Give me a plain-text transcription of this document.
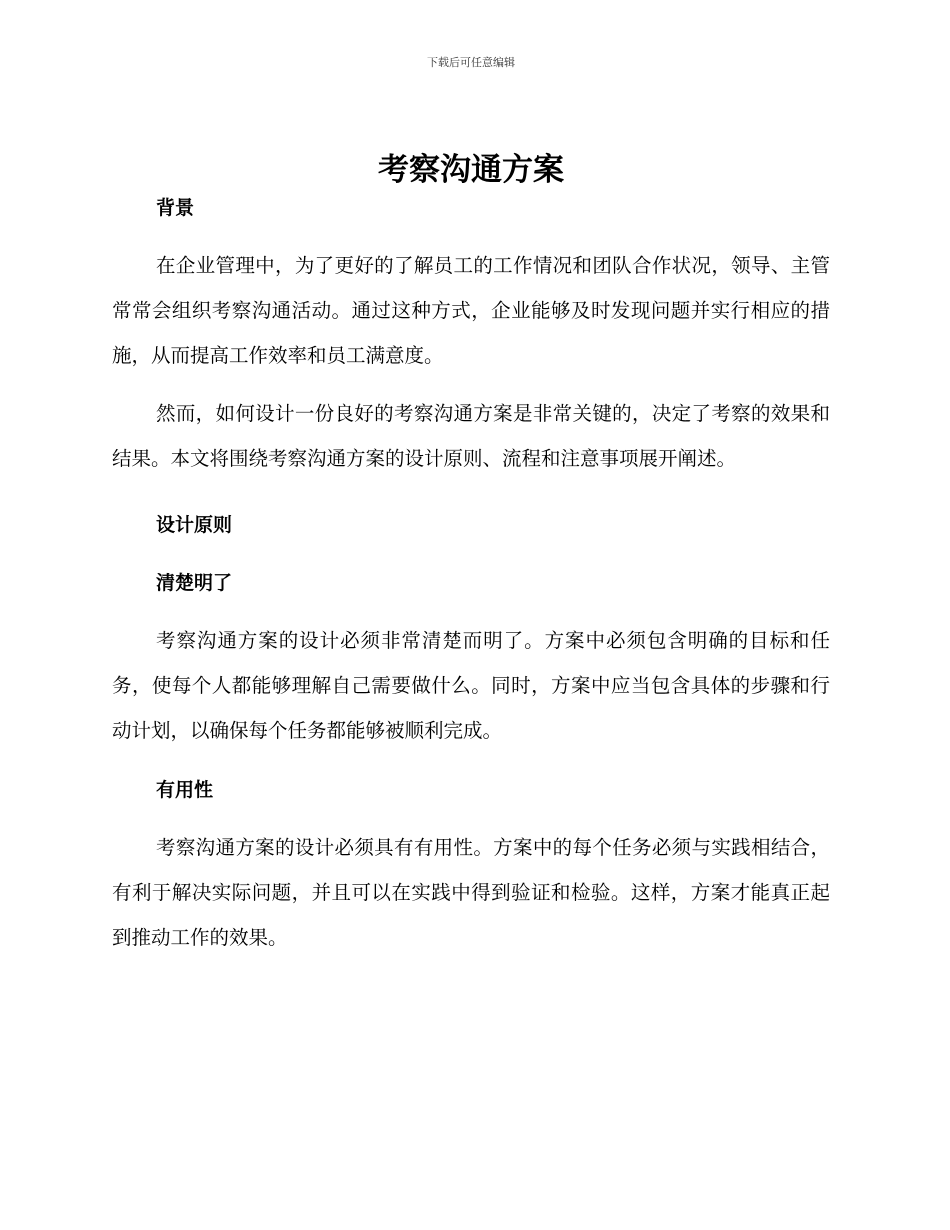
下载后可任意编辑

考察沟通方案
背景

在企业管理中，为了更好的了解员工的工作情况和团队合作状况，领导、主管常常会组织考察沟通活动。通过这种方式，企业能够及时发现问题并实行相应的措施，从而提高工作效率和员工满意度。

然而，如何设计一份良好的考察沟通方案是非常关键的，决定了考察的效果和结果。本文将围绕考察沟通方案的设计原则、流程和注意事项展开阐述。

设计原则
清楚明了

考察沟通方案的设计必须非常清楚而明了。方案中必须包含明确的目标和任务，使每个人都能够理解自己需要做什么。同时，方案中应当包含具体的步骤和行动计划，以确保每个任务都能够被顺利完成。

有用性

考察沟通方案的设计必须具有有用性。方案中的每个任务必须与实践相结合，有利于解决实际问题，并且可以在实践中得到验证和检验。这样，方案才能真正起到推动工作的效果。
